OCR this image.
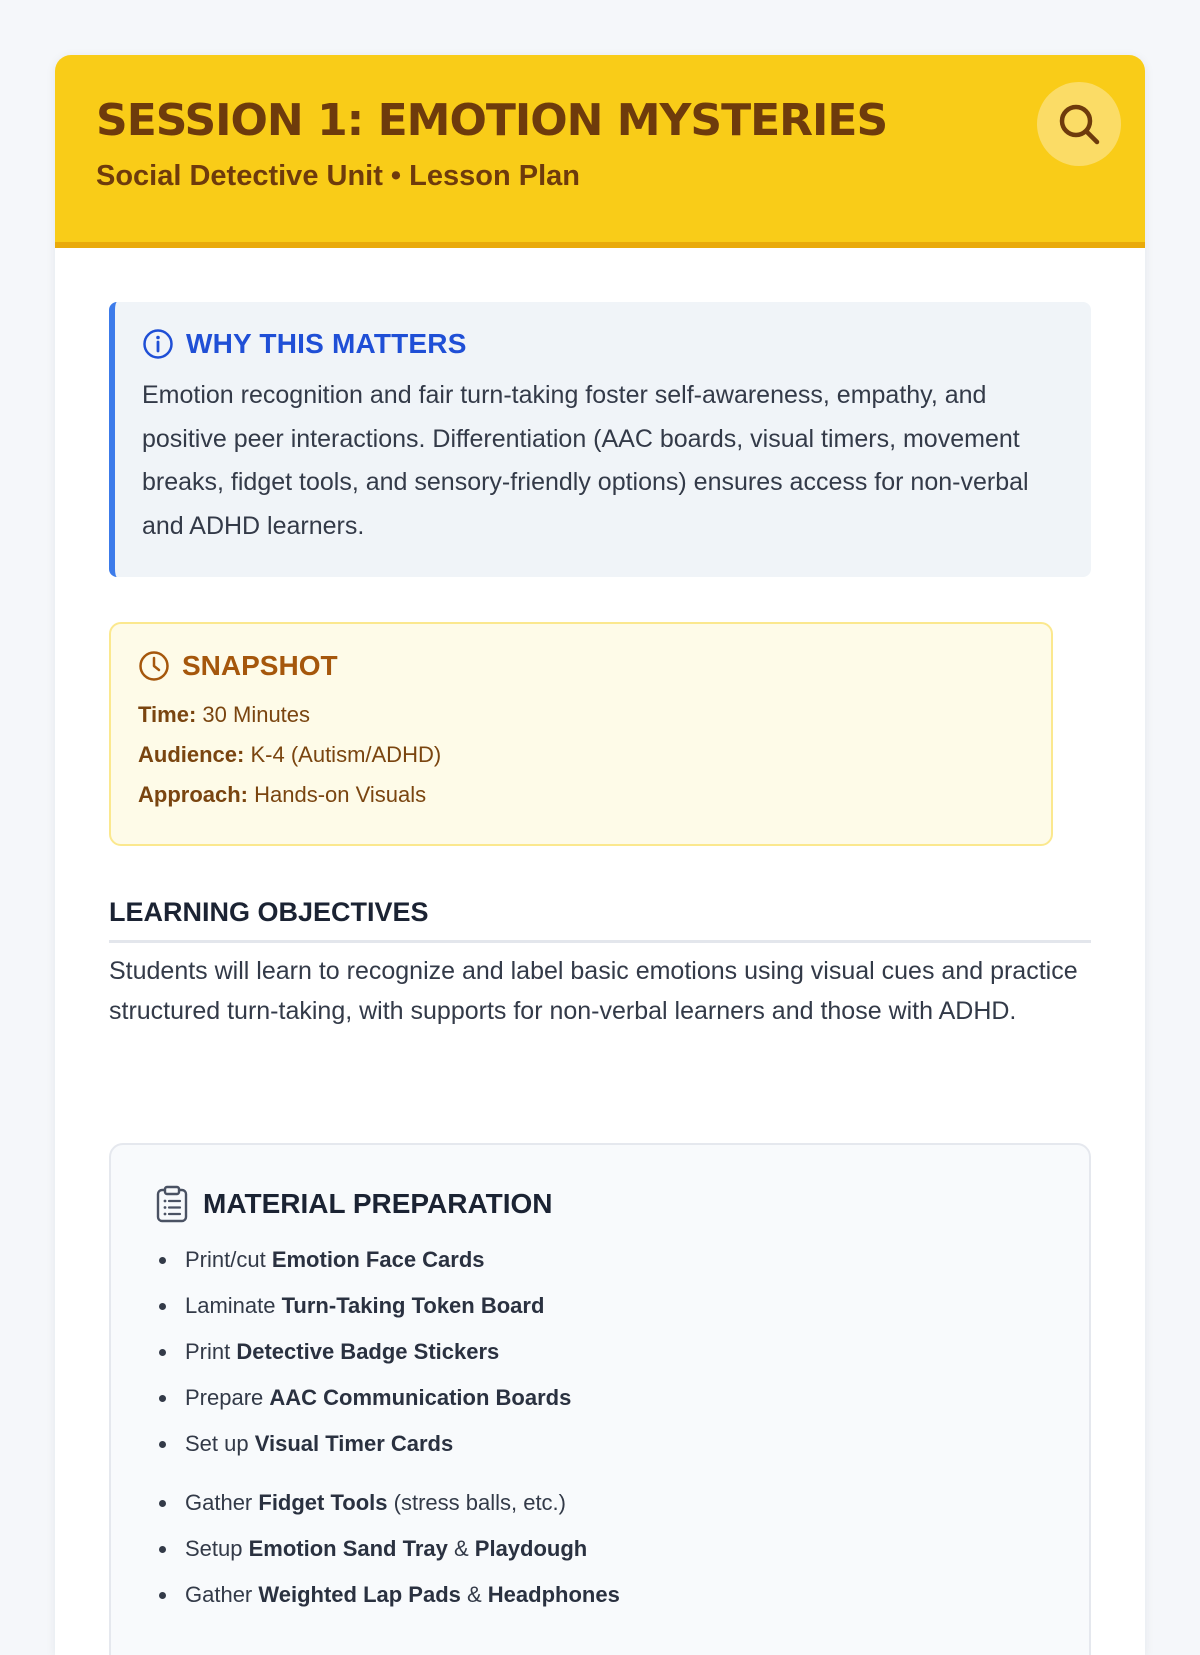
SESSION 1: EMOTION MYSTERIES
Social Detective Unit • Lesson Plan
WHY THIS MATTERS

Emotion recognition and fair turn-taking foster self-awareness, empathy, and positive peer interactions. Differentiation (AAC boards, visual timers, movement breaks, fidget tools, and sensory-friendly options) ensures access for non-verbal and ADHD learners.

SNAPSHOT
Time: 30 Minutes
Audience: K-4 (Autism/ADHD)
Approach: Hands-on Visuals
LEARNING OBJECTIVES

Students will learn to recognize and label basic emotions using visual cues and practice structured turn-taking, with supports for non-verbal learners and those with ADHD.

MATERIAL PREPARATION
Print/cut Emotion Face Cards
Laminate Turn-Taking Token Board
Print Detective Badge Stickers
Prepare AAC Communication Boards
Set up Visual Timer Cards
Gather Fidget Tools (stress balls, etc.)
Setup Emotion Sand Tray & Playdough
Gather Weighted Lap Pads & Headphones
